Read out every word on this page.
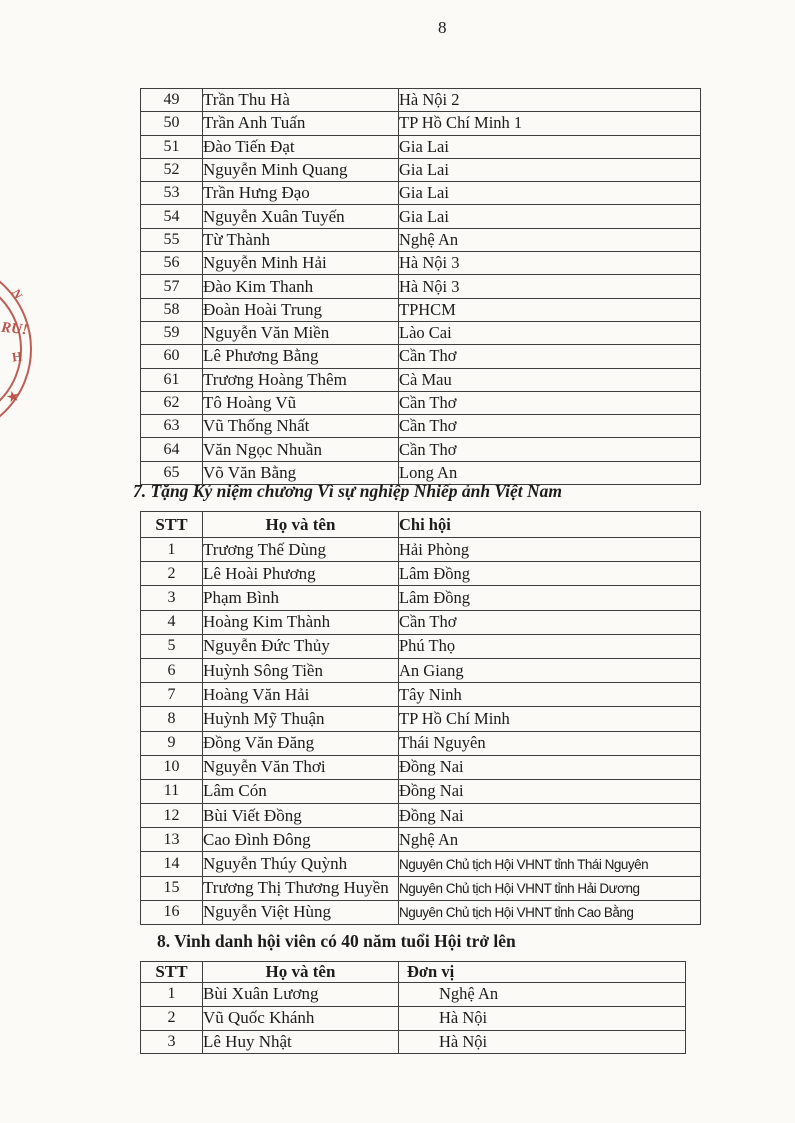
8
49	Trần Thu Hà	Hà Nội 2
50	Trần Anh Tuấn	TP Hồ Chí Minh 1
51	Đào Tiến Đạt	Gia Lai
52	Nguyễn Minh Quang	Gia Lai
53	Trần Hưng Đạo	Gia Lai
54	Nguyễn Xuân Tuyến	Gia Lai
55	Từ Thành	Nghệ An
56	Nguyễn Minh Hải	Hà Nội 3
57	Đào Kim Thanh	Hà Nội 3
58	Đoàn Hoài Trung	TPHCM
59	Nguyễn Văn Miền	Lào Cai
60	Lê Phương Bằng	Cần Thơ
61	Trương Hoàng Thêm	Cà Mau
62	Tô Hoàng Vũ	Cần Thơ
63	Vũ Thống Nhất	Cần Thơ
64	Văn Ngọc Nhuần	Cần Thơ
65	Võ Văn Bằng	Long An
7. Tặng Kỷ niệm chương Vì sự nghiệp Nhiếp ảnh Việt Nam
STT	Họ và tên	Chi hội
1	Trương Thế Dùng	Hải Phòng
2	Lê Hoài Phương	Lâm Đồng
3	Phạm Bình	Lâm Đồng
4	Hoàng Kim Thành	Cần Thơ
5	Nguyễn Đức Thủy	Phú Thọ
6	Huỳnh Sông Tiền	An Giang
7	Hoàng Văn Hải	Tây Ninh
8	Huỳnh Mỹ Thuận	TP Hồ Chí Minh
9	Đồng Văn Đăng	Thái Nguyên
10	Nguyễn Văn Thơi	Đồng Nai
11	Lâm Cón	Đồng Nai
12	Bùi Viết Đồng	Đồng Nai
13	Cao Đình Đông	Nghệ An
14	Nguyễn Thúy Quỳnh	Nguyên Chủ tịch Hội VHNT tỉnh Thái Nguyên
15	Trương Thị Thương Huyền	Nguyên Chủ tịch Hội VHNT tỉnh Hải Dương
16	Nguyễn Việt Hùng	Nguyên Chủ tịch Hội VHNT tỉnh Cao Bằng
8. Vinh danh hội viên có 40 năm tuổi Hội trở lên
STT	Họ và tên	Đơn vị
1	Bùi Xuân Lương	Nghệ An
2	Vũ Quốc Khánh	Hà Nội
3	Lê Huy Nhật	Hà Nội
N
RU!
H
★
